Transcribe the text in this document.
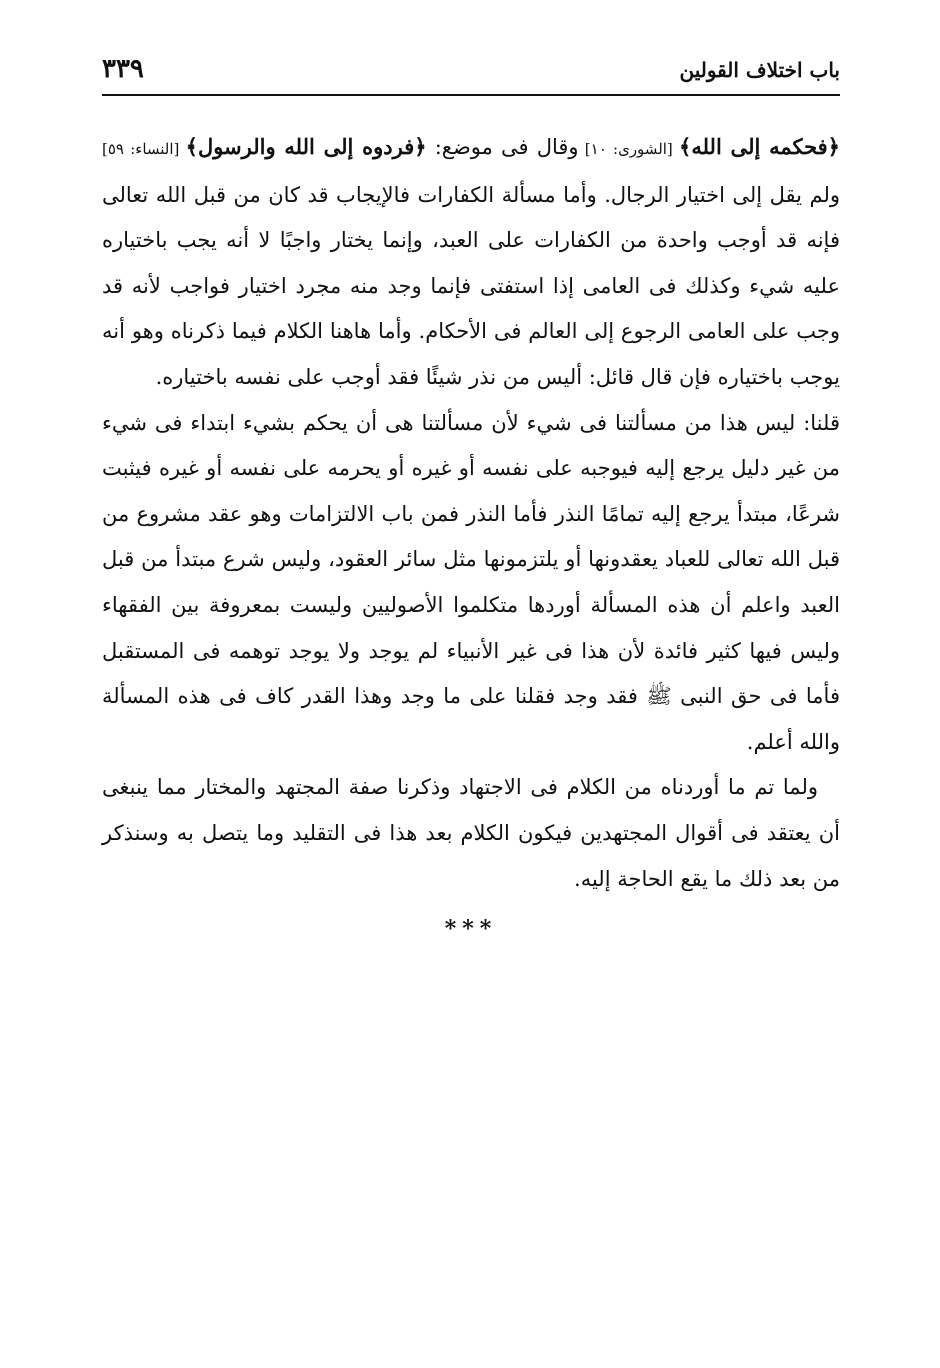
باب اختلاف القولين
٣٣٩

﴿فحكمه إلى الله﴾ [الشورى: ١٠] وقال فى موضع: ﴿فردوه إلى الله والرسول﴾ [النساء: ٥٩] ولم يقل إلى اختيار الرجال. وأما مسألة الكفارات فالإيجاب قد كان من قبل الله تعالى فإنه قد أوجب واحدة من الكفارات على العبد، وإنما يختار واجبًا لا أنه يجب باختياره عليه شيء وكذلك فى العامى إذا استفتى فإنما وجد منه مجرد اختيار فواجب لأنه قد وجب على العامى الرجوع إلى العالم فى الأحكام. وأما هاهنا الكلام فيما ذكرناه وهو أنه يوجب باختياره فإن قال قائل: أليس من نذر شيئًا فقد أوجب على نفسه باختياره.

قلنا: ليس هذا من مسألتنا فى شيء لأن مسألتنا هى أن يحكم بشيء ابتداء فى شيء من غير دليل يرجع إليه فيوجبه على نفسه أو غيره أو يحرمه على نفسه أو غيره فيثبت شرعًا، مبتدأ يرجع إليه تمامًا النذر فأما النذر فمن باب الالتزامات وهو عقد مشروع من قبل الله تعالى للعباد يعقدونها أو يلتزمونها مثل سائر العقود، وليس شرع مبتدأ من قبل العبد واعلم أن هذه المسألة أوردها متكلموا الأصوليين وليست بمعروفة بين الفقهاء وليس فيها كثير فائدة لأن هذا فى غير الأنبياء لم يوجد ولا يوجد توهمه فى المستقبل فأما فى حق النبى ﷺ فقد وجد فقلنا على ما وجد وهذا القدر كاف فى هذه المسألة والله أعلم.

ولما تم ما أوردناه من الكلام فى الاجتهاد وذكرنا صفة المجتهد والمختار مما ينبغى أن يعتقد فى أقوال المجتهدين فيكون الكلام بعد هذا فى التقليد وما يتصل به وسنذكر من بعد ذلك ما يقع الحاجة إليه.

***
